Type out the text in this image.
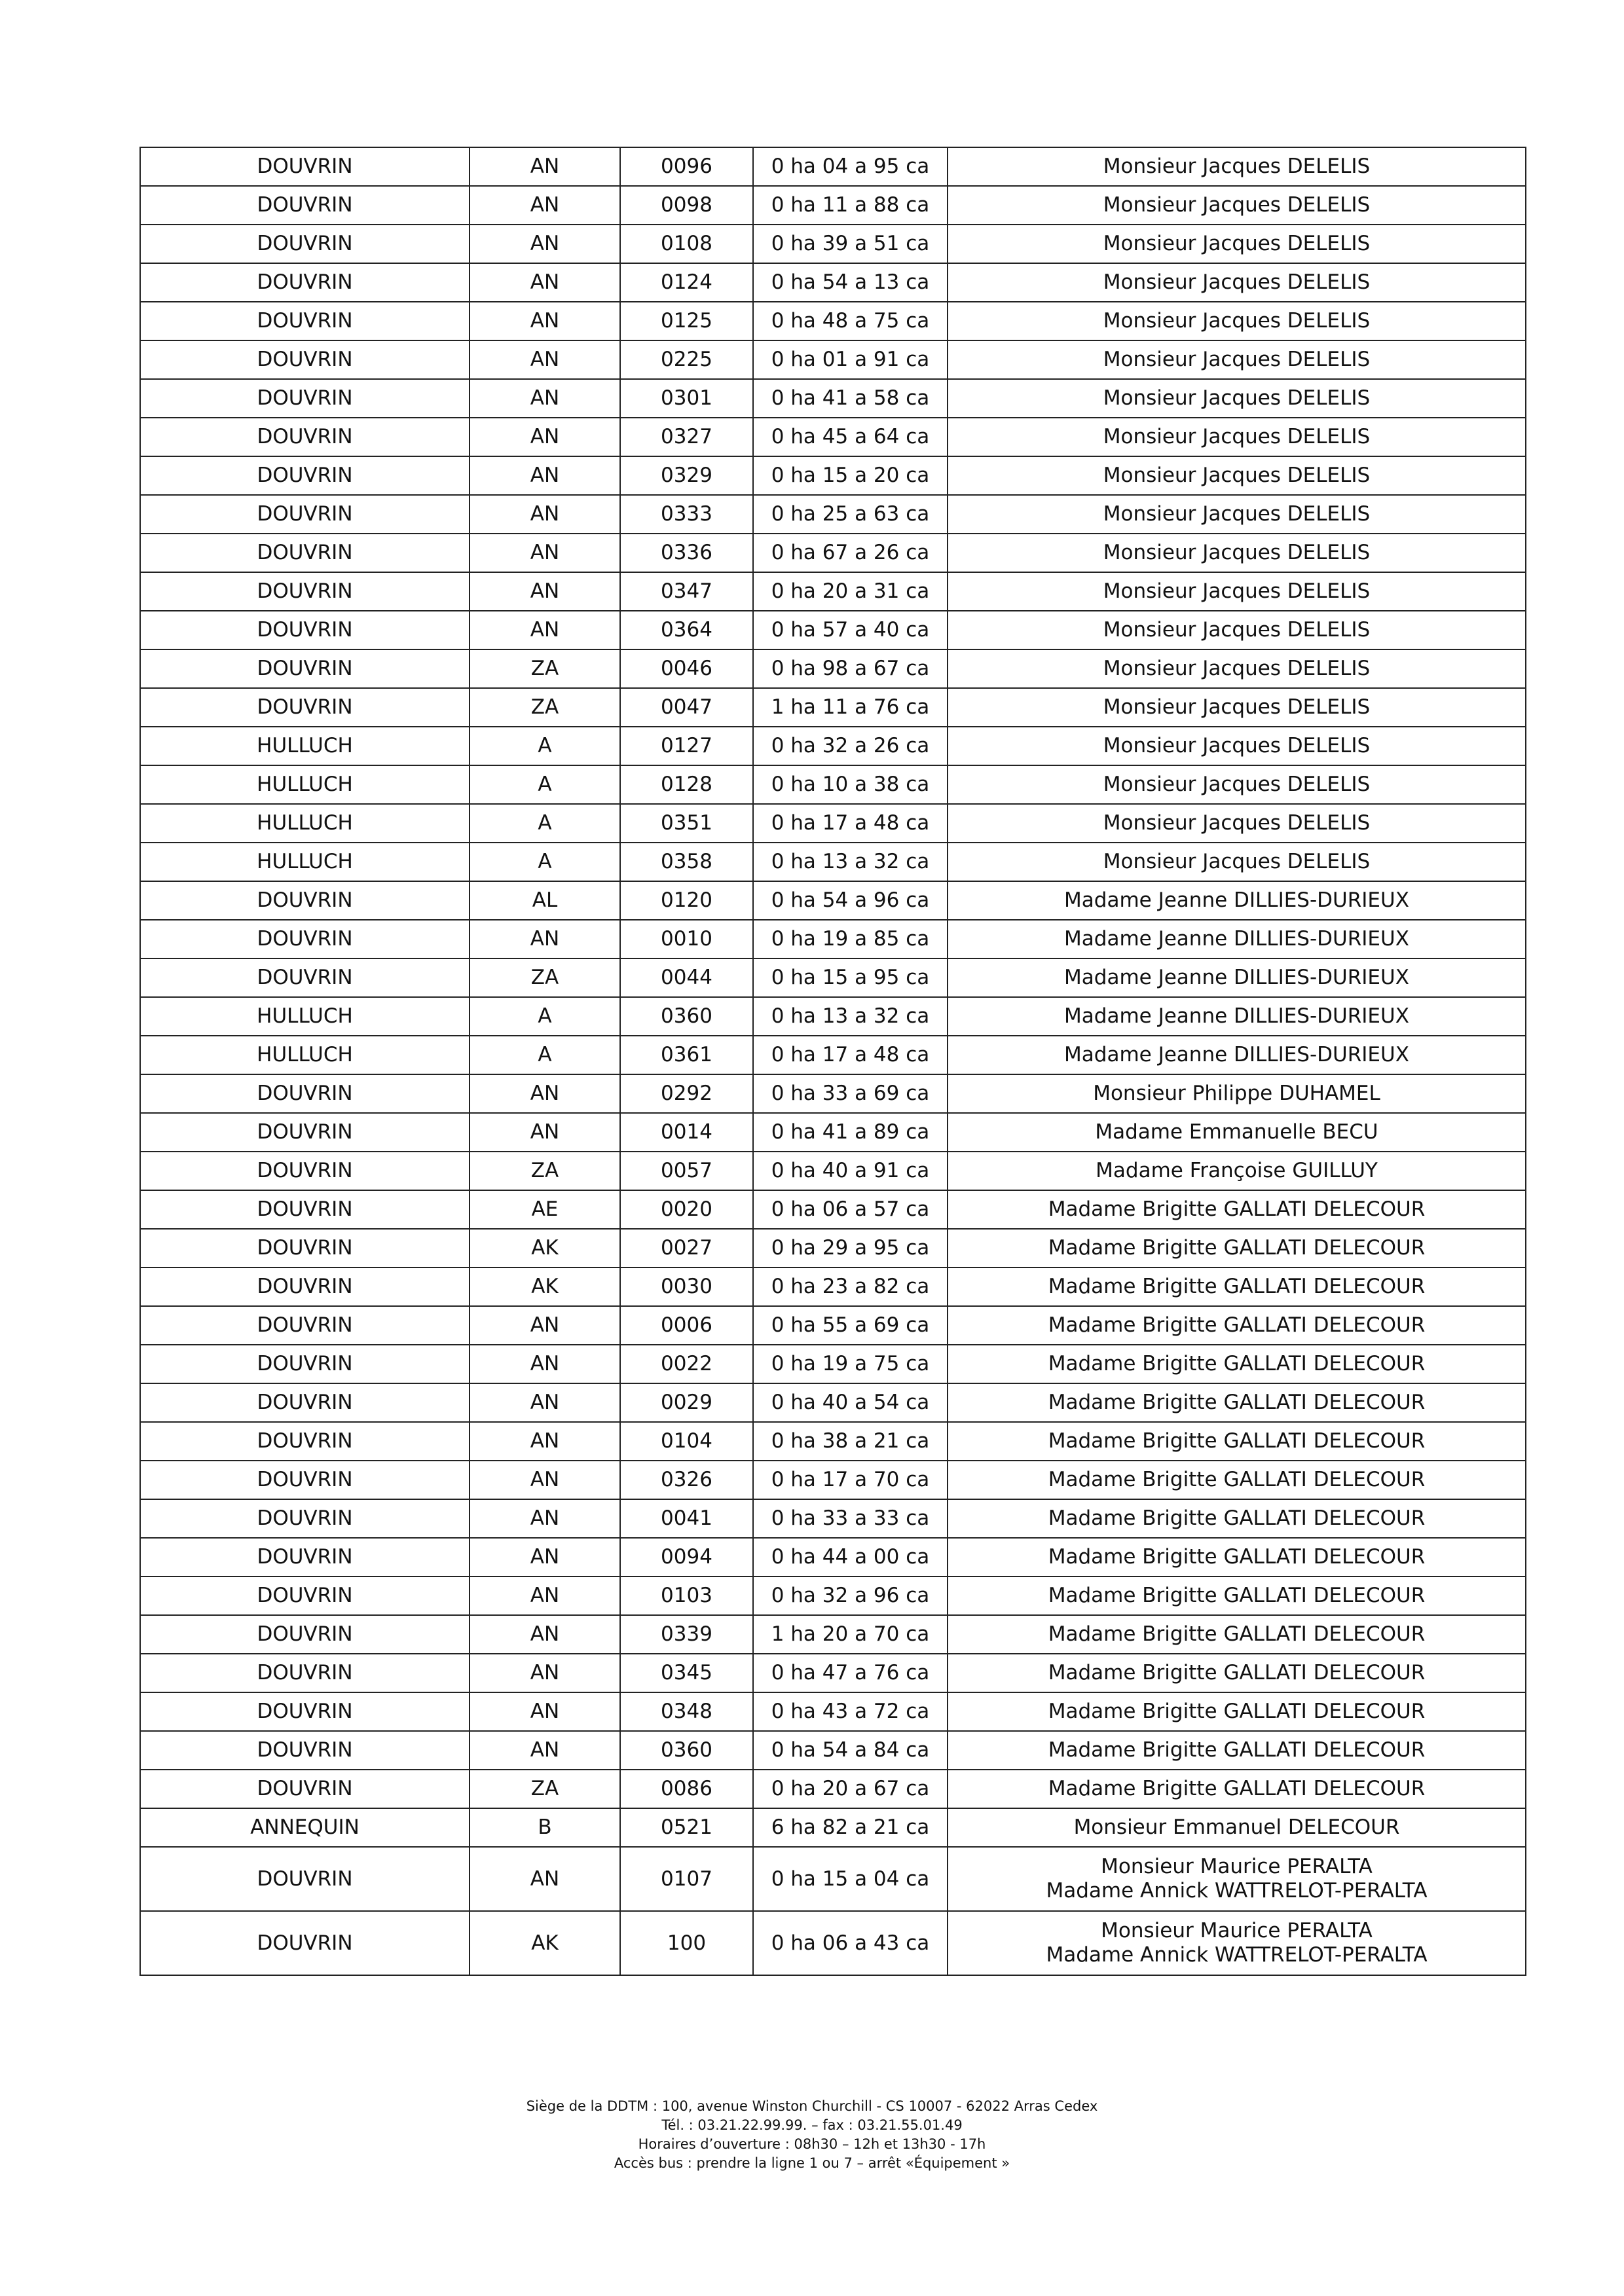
DOUVRIN	AN	0096	0 ha 04 a 95 ca	Monsieur Jacques DELELIS

DOUVRIN	AN	0098	0 ha 11 a 88 ca	Monsieur Jacques DELELIS

DOUVRIN	AN	0108	0 ha 39 a 51 ca	Monsieur Jacques DELELIS

DOUVRIN	AN	0124	0 ha 54 a 13 ca	Monsieur Jacques DELELIS

DOUVRIN	AN	0125	0 ha 48 a 75 ca	Monsieur Jacques DELELIS

DOUVRIN	AN	0225	0 ha 01 a 91 ca	Monsieur Jacques DELELIS

DOUVRIN	AN	0301	0 ha 41 a 58 ca	Monsieur Jacques DELELIS

DOUVRIN	AN	0327	0 ha 45 a 64 ca	Monsieur Jacques DELELIS

DOUVRIN	AN	0329	0 ha 15 a 20 ca	Monsieur Jacques DELELIS

DOUVRIN	AN	0333	0 ha 25 a 63 ca	Monsieur Jacques DELELIS

DOUVRIN	AN	0336	0 ha 67 a 26 ca	Monsieur Jacques DELELIS

DOUVRIN	AN	0347	0 ha 20 a 31 ca	Monsieur Jacques DELELIS

DOUVRIN	AN	0364	0 ha 57 a 40 ca	Monsieur Jacques DELELIS

DOUVRIN	ZA	0046	0 ha 98 a 67 ca	Monsieur Jacques DELELIS

DOUVRIN	ZA	0047	1 ha 11 a 76 ca	Monsieur Jacques DELELIS

HULLUCH	A	0127	0 ha 32 a 26 ca	Monsieur Jacques DELELIS

HULLUCH	A	0128	0 ha 10 a 38 ca	Monsieur Jacques DELELIS

HULLUCH	A	0351	0 ha 17 a 48 ca	Monsieur Jacques DELELIS

HULLUCH	A	0358	0 ha 13 a 32 ca	Monsieur Jacques DELELIS

DOUVRIN	AL	0120	0 ha 54 a 96 ca	Madame Jeanne DILLIES-DURIEUX

DOUVRIN	AN	0010	0 ha 19 a 85 ca	Madame Jeanne DILLIES-DURIEUX

DOUVRIN	ZA	0044	0 ha 15 a 95 ca	Madame Jeanne DILLIES-DURIEUX

HULLUCH	A	0360	0 ha 13 a 32 ca	Madame Jeanne DILLIES-DURIEUX

HULLUCH	A	0361	0 ha 17 a 48 ca	Madame Jeanne DILLIES-DURIEUX

DOUVRIN	AN	0292	0 ha 33 a 69 ca	Monsieur Philippe DUHAMEL

DOUVRIN	AN	0014	0 ha 41 a 89 ca	Madame Emmanuelle BECU

DOUVRIN	ZA	0057	0 ha 40 a 91 ca	Madame Françoise GUILLUY

DOUVRIN	AE	0020	0 ha 06 a 57 ca	Madame Brigitte GALLATI DELECOUR

DOUVRIN	AK	0027	0 ha 29 a 95 ca	Madame Brigitte GALLATI DELECOUR

DOUVRIN	AK	0030	0 ha 23 a 82 ca	Madame Brigitte GALLATI DELECOUR

DOUVRIN	AN	0006	0 ha 55 a 69 ca	Madame Brigitte GALLATI DELECOUR

DOUVRIN	AN	0022	0 ha 19 a 75 ca	Madame Brigitte GALLATI DELECOUR

DOUVRIN	AN	0029	0 ha 40 a 54 ca	Madame Brigitte GALLATI DELECOUR

DOUVRIN	AN	0104	0 ha 38 a 21 ca	Madame Brigitte GALLATI DELECOUR

DOUVRIN	AN	0326	0 ha 17 a 70 ca	Madame Brigitte GALLATI DELECOUR

DOUVRIN	AN	0041	0 ha 33 a 33 ca	Madame Brigitte GALLATI DELECOUR

DOUVRIN	AN	0094	0 ha 44 a 00 ca	Madame Brigitte GALLATI DELECOUR

DOUVRIN	AN	0103	0 ha 32 a 96 ca	Madame Brigitte GALLATI DELECOUR

DOUVRIN	AN	0339	1 ha 20 a 70 ca	Madame Brigitte GALLATI DELECOUR

DOUVRIN	AN	0345	0 ha 47 a 76 ca	Madame Brigitte GALLATI DELECOUR

DOUVRIN	AN	0348	0 ha 43 a 72 ca	Madame Brigitte GALLATI DELECOUR

DOUVRIN	AN	0360	0 ha 54 a 84 ca	Madame Brigitte GALLATI DELECOUR

DOUVRIN	ZA	0086	0 ha 20 a 67 ca	Madame Brigitte GALLATI DELECOUR

ANNEQUIN	B	0521	6 ha 82 a 21 ca	Monsieur Emmanuel DELECOUR

DOUVRIN	AN	0107	0 ha 15 a 04 ca	Monsieur Maurice PERALTA
Madame Annick WATTRELOT-PERALTA

DOUVRIN	AK	100	0 ha 06 a 43 ca	Monsieur Maurice PERALTA
Madame Annick WATTRELOT-PERALTA
Siège de la DDTM : 100, avenue Winston Churchill - CS 10007 - 62022 Arras Cedex
Tél. : 03.21.22.99.99. – fax : 03.21.55.01.49
Horaires d’ouverture : 08h30 – 12h et 13h30 - 17h
Accès bus : prendre la ligne 1 ou 7 – arrêt «Équipement »
